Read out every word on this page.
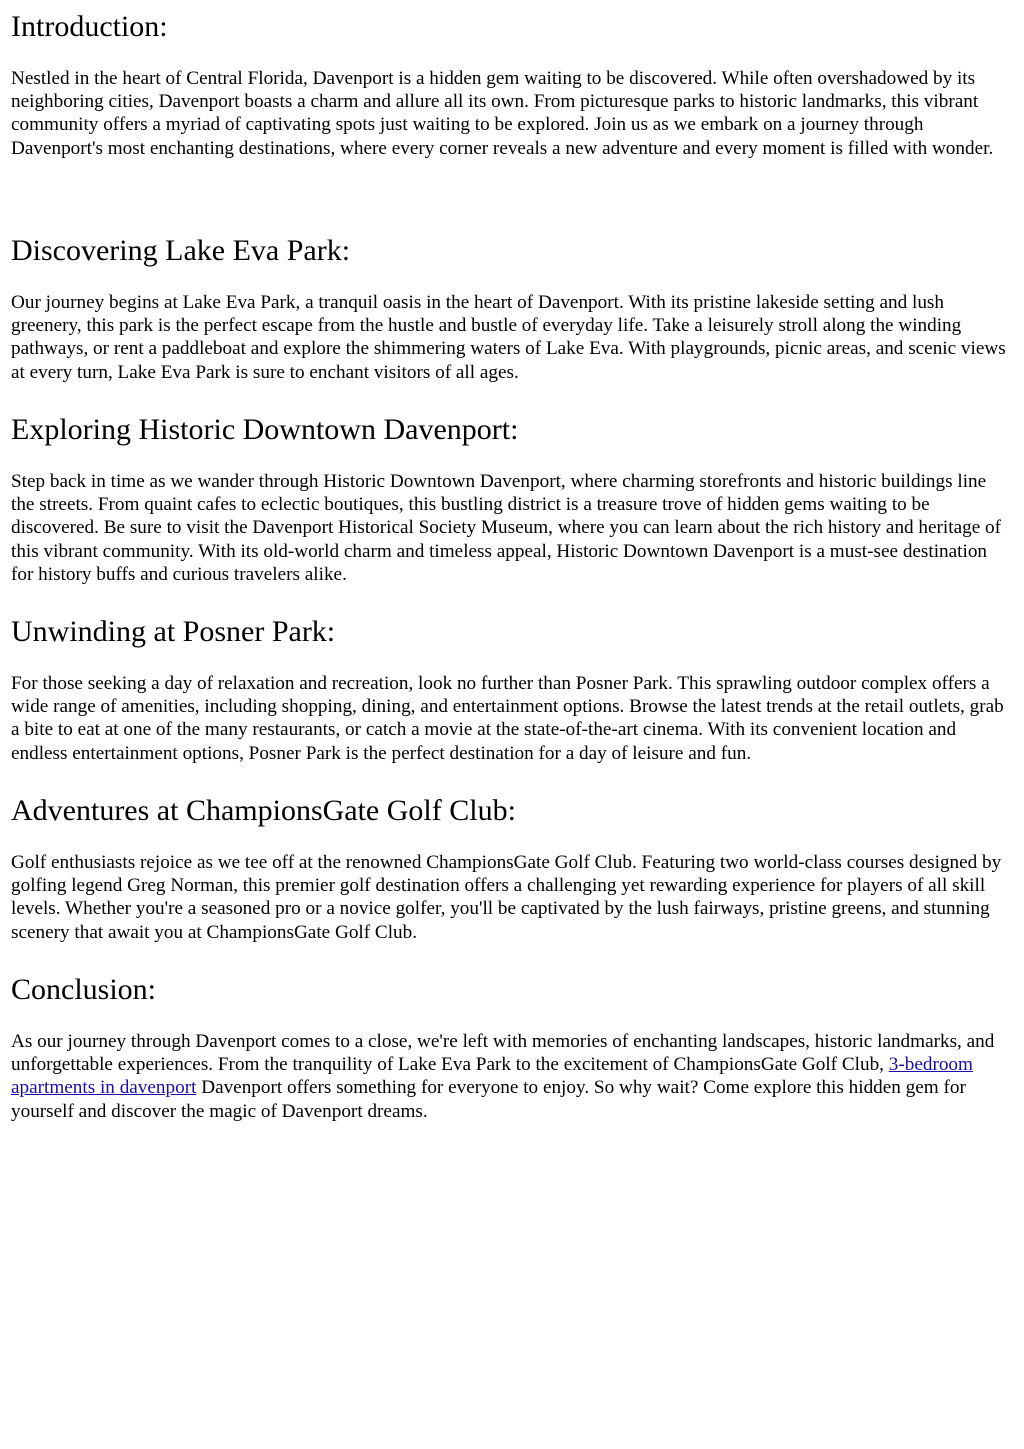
Introduction:

Nestled in the heart of Central Florida, Davenport is a hidden gem waiting to be discovered. While often overshadowed by its neighboring cities, Davenport boasts a charm and allure all its own. From picturesque parks to historic landmarks, this vibrant community offers a myriad of captivating spots just waiting to be explored. Join us as we embark on a journey through Davenport's most enchanting destinations, where every corner reveals a new adventure and every moment is filled with wonder.

Discovering Lake Eva Park:

Our journey begins at Lake Eva Park, a tranquil oasis in the heart of Davenport. With its pristine lakeside setting and lush greenery, this park is the perfect escape from the hustle and bustle of everyday life. Take a leisurely stroll along the winding pathways, or rent a paddleboat and explore the shimmering waters of Lake Eva. With playgrounds, picnic areas, and scenic views at every turn, Lake Eva Park is sure to enchant visitors of all ages.

Exploring Historic Downtown Davenport:

Step back in time as we wander through Historic Downtown Davenport, where charming storefronts and historic buildings line the streets. From quaint cafes to eclectic boutiques, this bustling district is a treasure trove of hidden gems waiting to be discovered. Be sure to visit the Davenport Historical Society Museum, where you can learn about the rich history and heritage of this vibrant community. With its old-world charm and timeless appeal, Historic Downtown Davenport is a must-see destination for history buffs and curious travelers alike.

Unwinding at Posner Park:

For those seeking a day of relaxation and recreation, look no further than Posner Park. This sprawling outdoor complex offers a wide range of amenities, including shopping, dining, and entertainment options. Browse the latest trends at the retail outlets, grab a bite to eat at one of the many restaurants, or catch a movie at the state-of-the-art cinema. With its convenient location and endless entertainment options, Posner Park is the perfect destination for a day of leisure and fun.

Adventures at ChampionsGate Golf Club:

Golf enthusiasts rejoice as we tee off at the renowned ChampionsGate Golf Club. Featuring two world-class courses designed by golfing legend Greg Norman, this premier golf destination offers a challenging yet rewarding experience for players of all skill levels. Whether you're a seasoned pro or a novice golfer, you'll be captivated by the lush fairways, pristine greens, and stunning scenery that await you at ChampionsGate Golf Club.

Conclusion:

As our journey through Davenport comes to a close, we're left with memories of enchanting landscapes, historic landmarks, and unforgettable experiences. From the tranquility of Lake Eva Park to the excitement of ChampionsGate Golf Club, 3-bedroom apartments in davenport Davenport offers something for everyone to enjoy. So why wait? Come explore this hidden gem for yourself and discover the magic of Davenport dreams.
